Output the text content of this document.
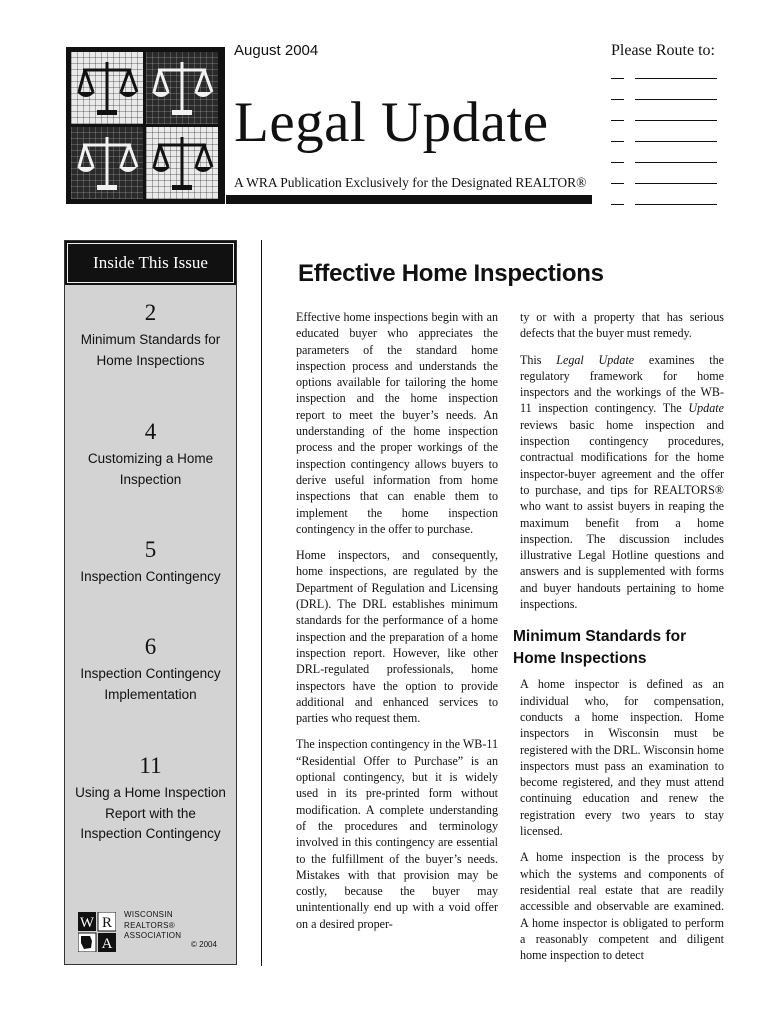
August 2004
Legal Update
A WRA Publication Exclusively for the Designated REALTOR®
Please Route to:
Inside This Issue
2
Minimum Standards for
Home Inspections
4
Customizing a Home
Inspection
5
Inspection Contingency
6
Inspection Contingency
Implementation
11
Using a Home Inspection
Report with the
Inspection Contingency
W R
A
WISCONSIN
REALTORS®
ASSOCIATION
© 2004
Effective Home Inspections

Effective home inspections begin with an educated buyer who appreciates the parameters of the standard home inspection process and understands the options available for tailoring the home inspection and the home inspection report to meet the buyer’s needs. An understanding of the home inspection process and the proper workings of the inspection contingency allows buyers to derive useful information from home inspections that can enable them to implement the home inspection contingency in the offer to purchase.

Home inspectors, and consequently, home inspections, are regulated by the Department of Regulation and Licensing (DRL). The DRL establishes minimum standards for the performance of a home inspection and the preparation of a home inspection report. However, like other DRL-regulated professionals, home inspectors have the option to provide additional and enhanced services to parties who request them.

The inspection contingency in the WB-11 “Residential Offer to Purchase” is an optional contingency, but it is widely used in its pre-printed form without modification. A complete understanding of the procedures and terminology involved in this contingency are essential to the fulfillment of the buyer’s needs. Mistakes with that provision may be costly, because the buyer may unintentionally end up with a void offer on a desired proper-

ty or with a property that has serious defects that the buyer must remedy.

This Legal Update examines the regulatory framework for home inspectors and the workings of the WB-11 inspection contingency. The Update reviews basic home inspection and inspection contingency procedures, contractual modifications for the home inspector-buyer agreement and the offer to purchase, and tips for REALTORS® who want to assist buyers in reaping the maximum benefit from a home inspection. The discussion includes illustrative Legal Hotline questions and answers and is supplemented with forms and buyer handouts pertaining to home inspections.

Minimum Standards for Home Inspections

A home inspector is defined as an individual who, for compensation, conducts a home inspection. Home inspectors in Wisconsin must be registered with the DRL. Wisconsin home inspectors must pass an examination to become registered, and they must attend continuing education and renew the registration every two years to stay licensed.

A home inspection is the process by which the systems and components of residential real estate that are readily accessible and observable are examined. A home inspector is obligated to perform a reasonably competent and diligent home inspection to detect
